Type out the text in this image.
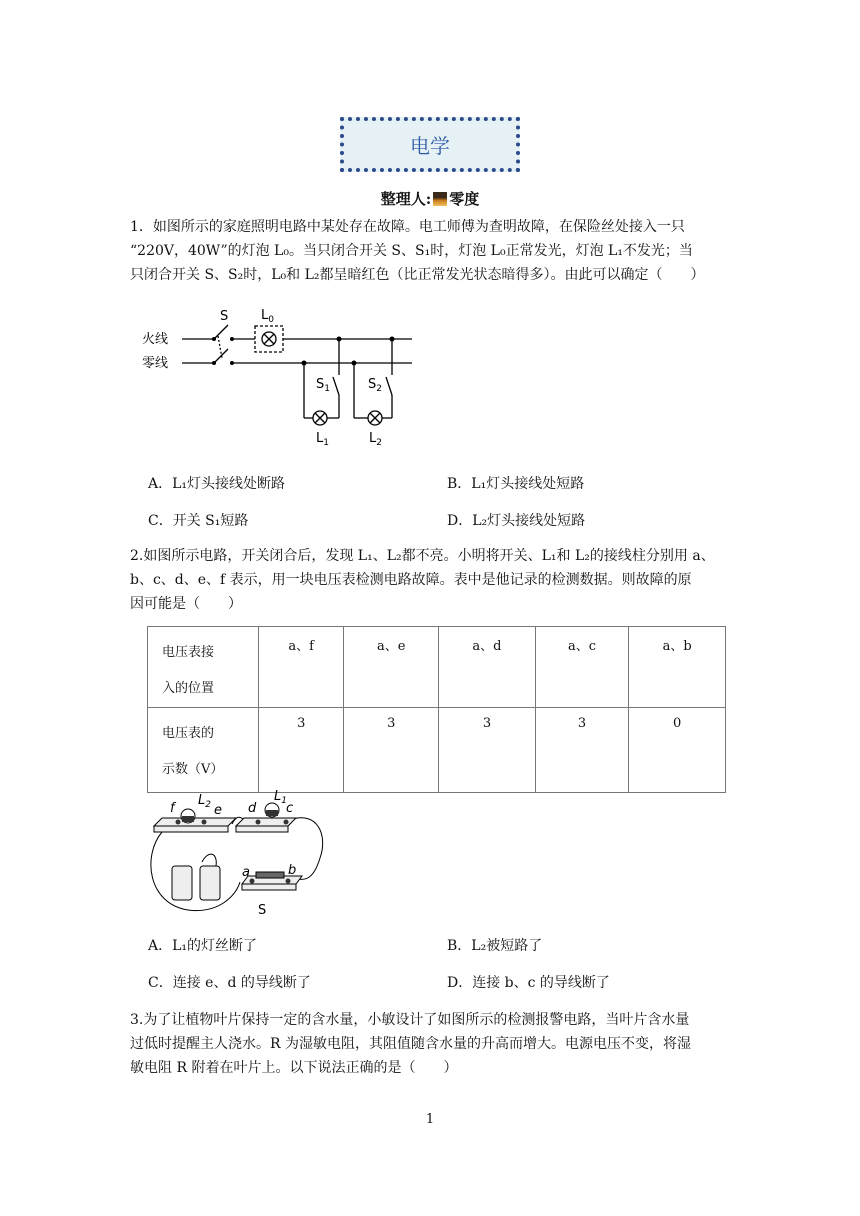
电学
整理人: 零度
1．如图所示的家庭照明电路中某处存在故障。电工师傅为查明故障，在保险丝处接入一只
“220V，40W”的灯泡 L₀。当只闭合开关 S、S₁时，灯泡 L₀正常发光，灯泡 L₁不发光；当
只闭合开关 S、S₂时，L₀和 L₂都呈暗红色（比正常发光状态暗得多）。由此可以确定（　　）
火线
零线
S	$L_0$
$S_1$	$S_2$
$L_1$	$L_2$
A．L₁灯头接线处断路	B．L₁灯头接线处短路
C．开关 S₁短路	D．L₂灯头接线处短路
2.如图所示电路，开关闭合后，发现 L₁、L₂都不亮。小明将开关、L₁和 L₂的接线柱分别用 a、
b、c、d、e、f 表示，用一块电压表检测电路故障。表中是他记录的检测数据。则故障的原
因可能是（　　）
电压表接
入的位置	a、f	a、e	a、d	a、c	a、b

电压表的
示数（V）	3	3	3	3	0
f
$L_2$ e d
$L_1$ c
a	b
S
A．L₁的灯丝断了	B．L₂被短路了
C．连接 e、d 的导线断了	D．连接 b、c 的导线断了
3.为了让植物叶片保持一定的含水量，小敏设计了如图所示的检测报警电路，当叶片含水量
过低时提醒主人浇水。R 为湿敏电阻，其阻值随含水量的升高而增大。电源电压不变，将湿
敏电阻 R 附着在叶片上。以下说法正确的是（　　）
1
